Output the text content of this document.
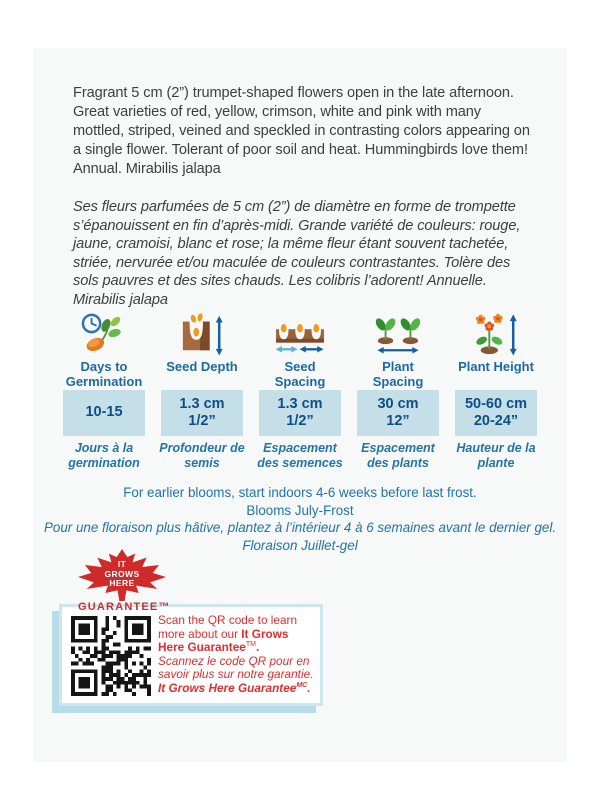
Fragrant 5 cm (2”) trumpet-shaped flowers open in the late afternoon. Great varieties of red, yellow, crimson, white and pink with many mottled, striped, veined and speckled in contrasting colors appearing on a single flower. Tolerant of poor soil and heat. Hummingbirds love them! Annual. Mirabilis jalapa

Ses fleurs parfumées de 5 cm (2”) de diamètre en forme de trompette s’épanouissent en fin d’après-midi. Grande variété de couleurs: rouge, jaune, cramoisi, blanc et rose; la même fleur étant souvent tachetée, striée, nervurée et/ou maculée de couleurs contrastantes. Tolère des sols pauvres et des sites chauds. Les colibris l’adorent! Annuelle. Mirabilis jalapa

Days to Germination
10-15
Jours à la germination
Seed Depth
1.3 cm
1/2”
Profondeur de semis
Seed Spacing
1.3 cm
1/2”
Espacement des semences
Plant Spacing
30 cm
12”
Espacement des plants
Plant Height
50-60 cm
20-24”
Hauteur de la plante
For earlier blooms, start indoors 4-6 weeks before last frost.
Blooms July-Frost
Pour une floraison plus hâtive, plantez à l’intérieur 4 à 6 semaines avant le dernier gel.
Floraison Juillet-gel
IT
GROWS
HERE
GUARANTEE™
Scan the QR code to learn more about our It Grows Here Guarantee™.
Scannez le code QR pour en savoir plus sur notre garantie. It Grows Here Guarantee$^{MC}$.
